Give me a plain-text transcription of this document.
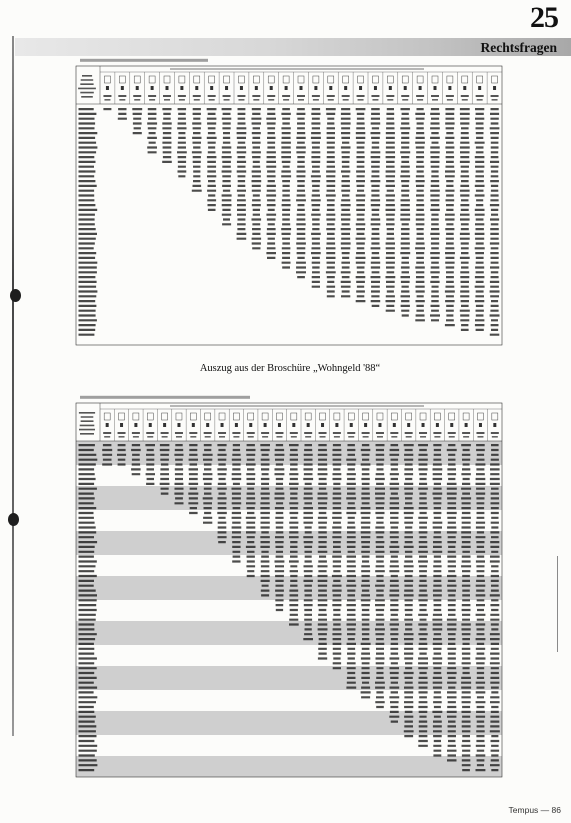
25
Rechtsfragen
Auszug aus der Broschüre „Wohngeld '88“
Tempus — 86
